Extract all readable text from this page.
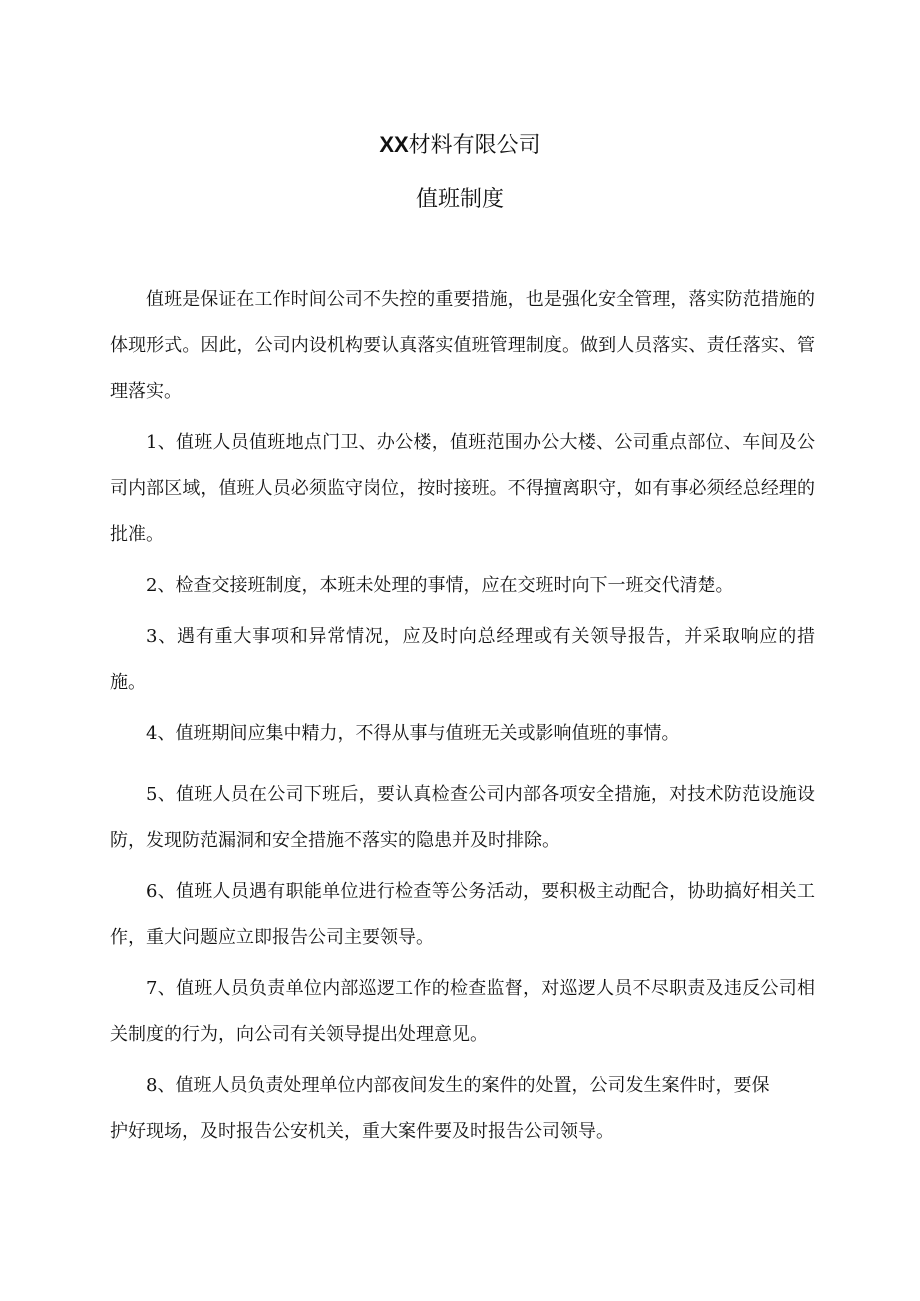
XX材料有限公司
值班制度

值班是保证在工作时间公司不失控的重要措施，也是强化安全管理，落实防范措施的体现形式。因此，公司内设机构要认真落实值班管理制度。做到人员落实、责任落实、管理落实。

1、值班人员值班地点门卫、办公楼，值班范围办公大楼、公司重点部位、车间及公司内部区域，值班人员必须监守岗位，按时接班。不得擅离职守，如有事必须经总经理的批准。

2、检查交接班制度，本班未处理的事情，应在交班时向下一班交代清楚。

3、遇有重大事项和异常情况，应及时向总经理或有关领导报告，并采取响应的措施。

4、值班期间应集中精力，不得从事与值班无关或影响值班的事情。

5、值班人员在公司下班后，要认真检查公司内部各项安全措施，对技术防范设施设防，发现防范漏洞和安全措施不落实的隐患并及时排除。

6、值班人员遇有职能单位进行检查等公务活动，要积极主动配合，协助搞好相关工作，重大问题应立即报告公司主要领导。

7、值班人员负责单位内部巡逻工作的检查监督，对巡逻人员不尽职责及违反公司相关制度的行为，向公司有关领导提出处理意见。

8、值班人员负责处理单位内部夜间发生的案件的处置，公司发生案件时，要保护好现场，及时报告公安机关，重大案件要及时报告公司领导。
